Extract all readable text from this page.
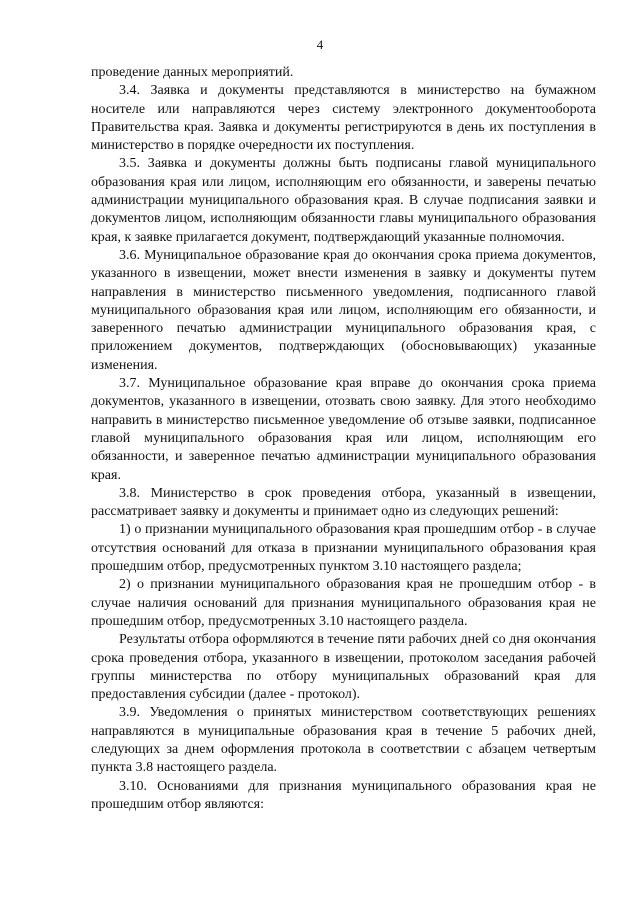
4

проведение данных мероприятий.

3.4. Заявка и документы представляются в министерство на бумажном носителе или направляются через систему электронного документооборота Правительства края. Заявка и документы регистрируются в день их поступления в министерство в порядке очередности их поступления.

3.5. Заявка и документы должны быть подписаны главой муниципального образования края или лицом, исполняющим его обязанности, и заверены печатью администрации муниципального образования края. В случае подписания заявки и документов лицом, исполняющим обязанности главы муниципального образования края, к заявке прилагается документ, подтверждающий указанные полномочия.

3.6. Муниципальное образование края до окончания срока приема документов, указанного в извещении, может внести изменения в заявку и документы путем направления в министерство письменного уведомления, подписанного главой муниципального образования края или лицом, исполняющим его обязанности, и заверенного печатью администрации муниципального образования края, с приложением документов, подтверждающих (обосновывающих) указанные изменения.

3.7. Муниципальное образование края вправе до окончания срока приема документов, указанного в извещении, отозвать свою заявку. Для этого необходимо направить в министерство письменное уведомление об отзыве заявки, подписанное главой муниципального образования края или лицом, исполняющим его обязанности, и заверенное печатью администрации муниципального образования края.

3.8. Министерство в срок проведения отбора, указанный в извещении, рассматривает заявку и документы и принимает одно из следующих решений:

1) о признании муниципального образования края прошедшим отбор - в случае отсутствия оснований для отказа в признании муниципального образования края прошедшим отбор, предусмотренных пунктом 3.10 настоящего раздела;

2) о признании муниципального образования края не прошедшим отбор - в случае наличия оснований для признания муниципального образования края не прошедшим отбор, предусмотренных 3.10 настоящего раздела.

Результаты отбора оформляются в течение пяти рабочих дней со дня окончания срока проведения отбора, указанного в извещении, протоколом заседания рабочей группы министерства по отбору муниципальных образований края для предоставления субсидии (далее - протокол).

3.9. Уведомления о принятых министерством соответствующих решениях направляются в муниципальные образования края в течение 5 рабочих дней, следующих за днем оформления протокола в соответствии с абзацем четвертым пункта 3.8 настоящего раздела.

3.10. Основаниями для признания муниципального образования края не прошедшим отбор являются:
